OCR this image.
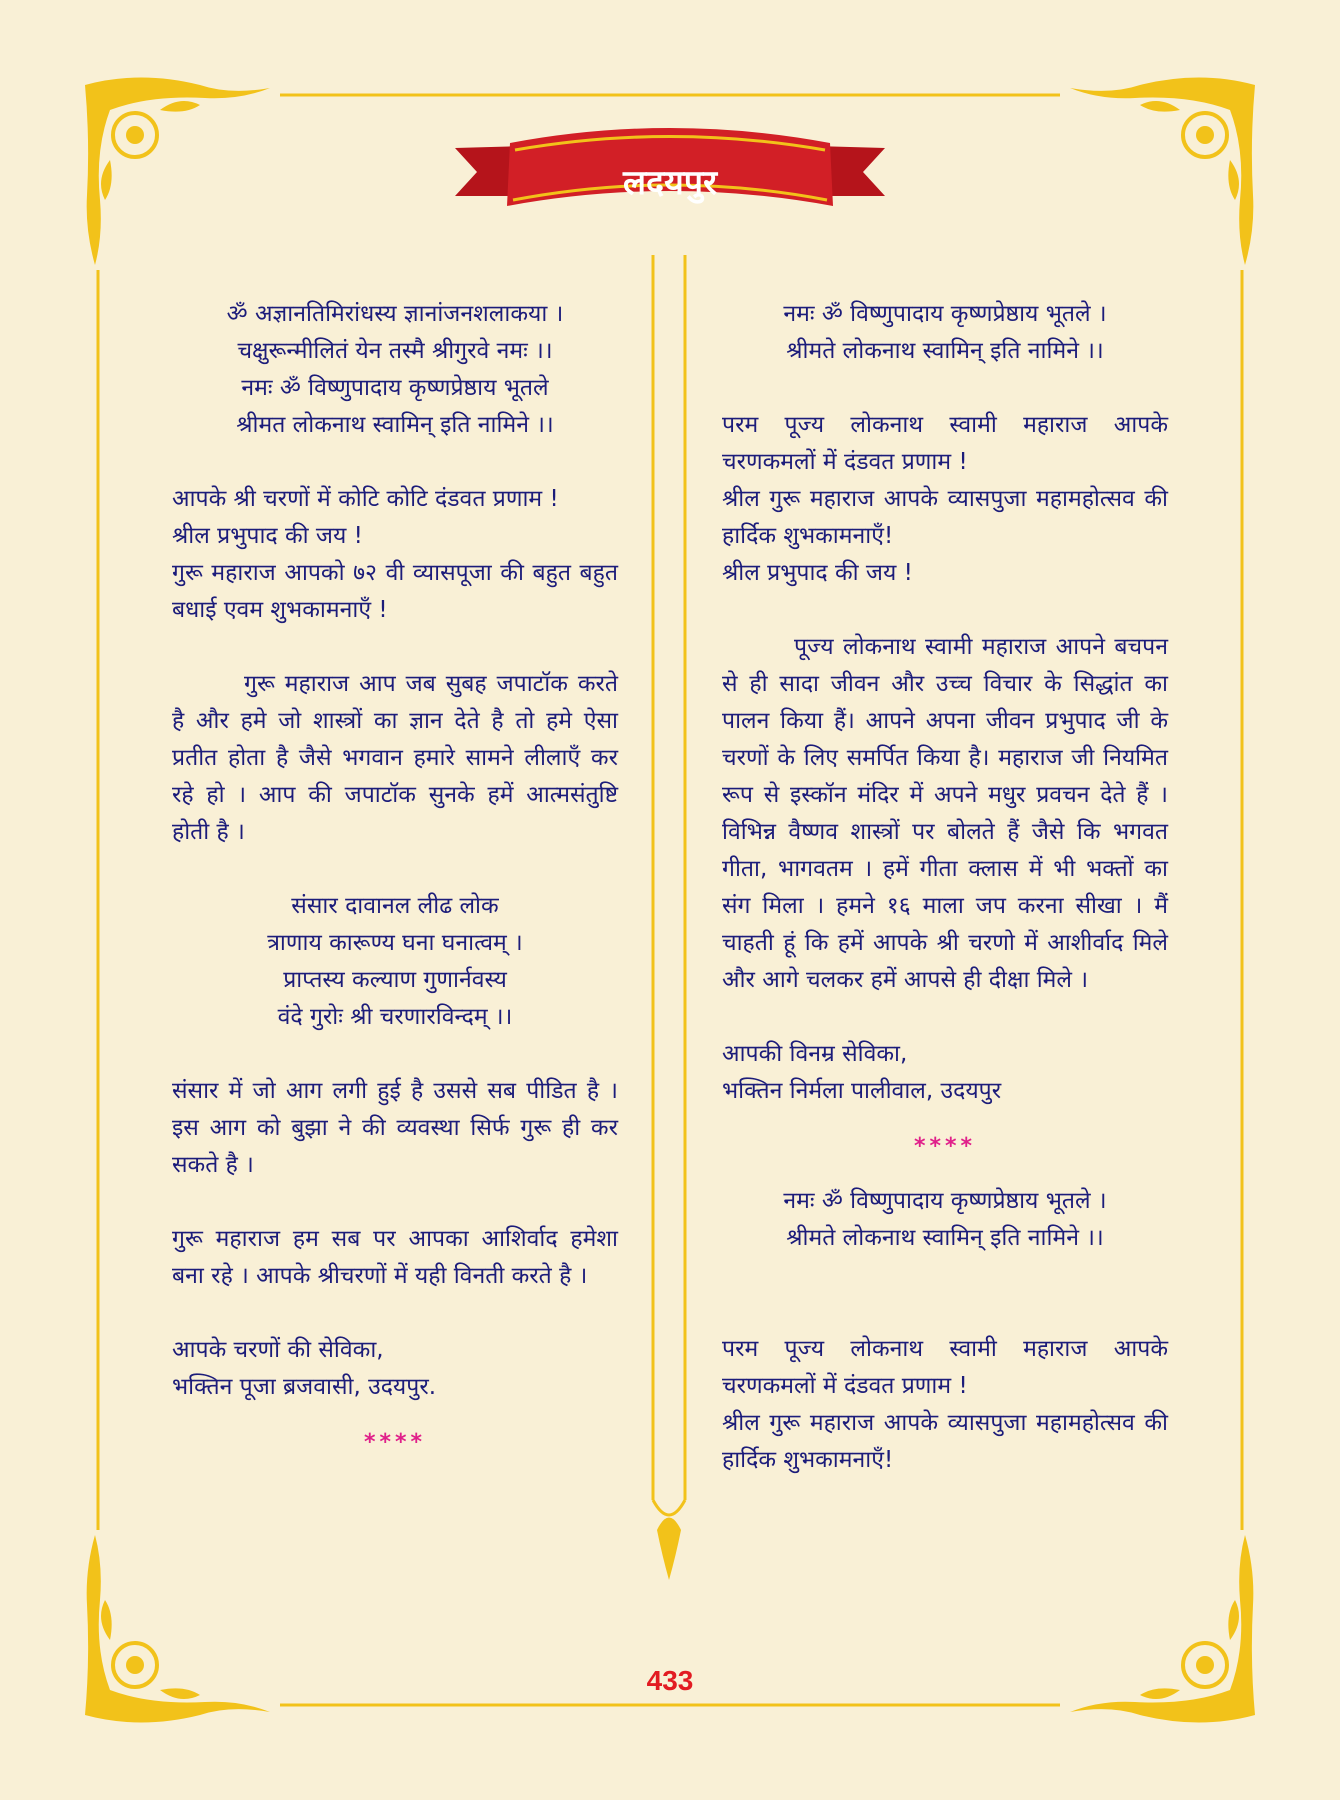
लदयपुर

ॐ अज्ञानतिमिरांधस्य ज्ञानांजनशलाकया ।

चक्षुरून्मीलितं येन तस्मै श्रीगुरवे नमः ।।

नमः ॐ विष्णुपादाय कृष्णप्रेष्ठाय भूतले

श्रीमत लोकनाथ स्वामिन् इति नामिने ।।

आपके श्री चरणों में कोटि कोटि दंडवत प्रणाम !

श्रील प्रभुपाद की जय !

गुरू महाराज आपको ७२ वी व्यासपूजा की बहुत बहुत बधाई एवम शुभकामनाएँ !

गुरू महाराज आप जब सुबह जपाटॉक करते है और हमे जो शास्त्रों का ज्ञान देते है तो हमे ऐसा प्रतीत होता है जैसे भगवान हमारे सामने लीलाएँ कर रहे हो । आप की जपाटॉक सुनके हमें आत्मसंतुष्टि होती है ।

संसार दावानल लीढ लोक

त्राणाय कारूण्य घना घनात्वम् ।

प्राप्तस्य कल्याण गुणार्नवस्य

वंदे गुरोः श्री चरणारविन्दम् ।।

संसार में जो आग लगी हुई है उससे सब पीडित है । इस आग को बुझा ने की व्यवस्था सिर्फ गुरू ही कर सकते है ।

गुरू महाराज हम सब पर आपका आशिर्वाद हमेशा बना रहे । आपके श्रीचरणों में यही विनती करते है ।

आपके चरणों की सेविका,

भक्तिन पूजा ब्रजवासी, उदयपुर.

****

नमः ॐ विष्णुपादाय कृष्णप्रेष्ठाय भूतले ।

श्रीमते लोकनाथ स्वामिन् इति नामिने ।।

परम पूज्य लोकनाथ स्वामी महाराज आपके चरणकमलों में दंडवत प्रणाम !

श्रील गुरू महाराज आपके व्यासपुजा महामहोत्सव की हार्दिक शुभकामनाएँ!

श्रील प्रभुपाद की जय !

पूज्य लोकनाथ स्वामी महाराज आपने बचपन से ही सादा जीवन और उच्च विचार के सिद्धांत का पालन किया हैं। आपने अपना जीवन प्रभुपाद जी के चरणों के लिए समर्पित किया है। महाराज जी नियमित रूप से इस्कॉन मंदिर में अपने मधुर प्रवचन देते हैं । विभिन्न वैष्णव शास्त्रों पर बोलते हैं जैसे कि भगवत गीता, भागवतम । हमें गीता क्लास में भी भक्तों का संग मिला । हमने १६ माला जप करना सीखा । मैं चाहती हूं कि हमें आपके श्री चरणो में आशीर्वाद मिले और आगे चलकर हमें आपसे ही दीक्षा मिले ।

आपकी विनम्र सेविका,

भक्तिन निर्मला पालीवाल, उदयपुर

****

नमः ॐ विष्णुपादाय कृष्णप्रेष्ठाय भूतले ।

श्रीमते लोकनाथ स्वामिन् इति नामिने ।।

परम पूज्य लोकनाथ स्वामी महाराज आपके चरणकमलों में दंडवत प्रणाम !

श्रील गुरू महाराज आपके व्यासपुजा महामहोत्सव की हार्दिक शुभकामनाएँ!

433
